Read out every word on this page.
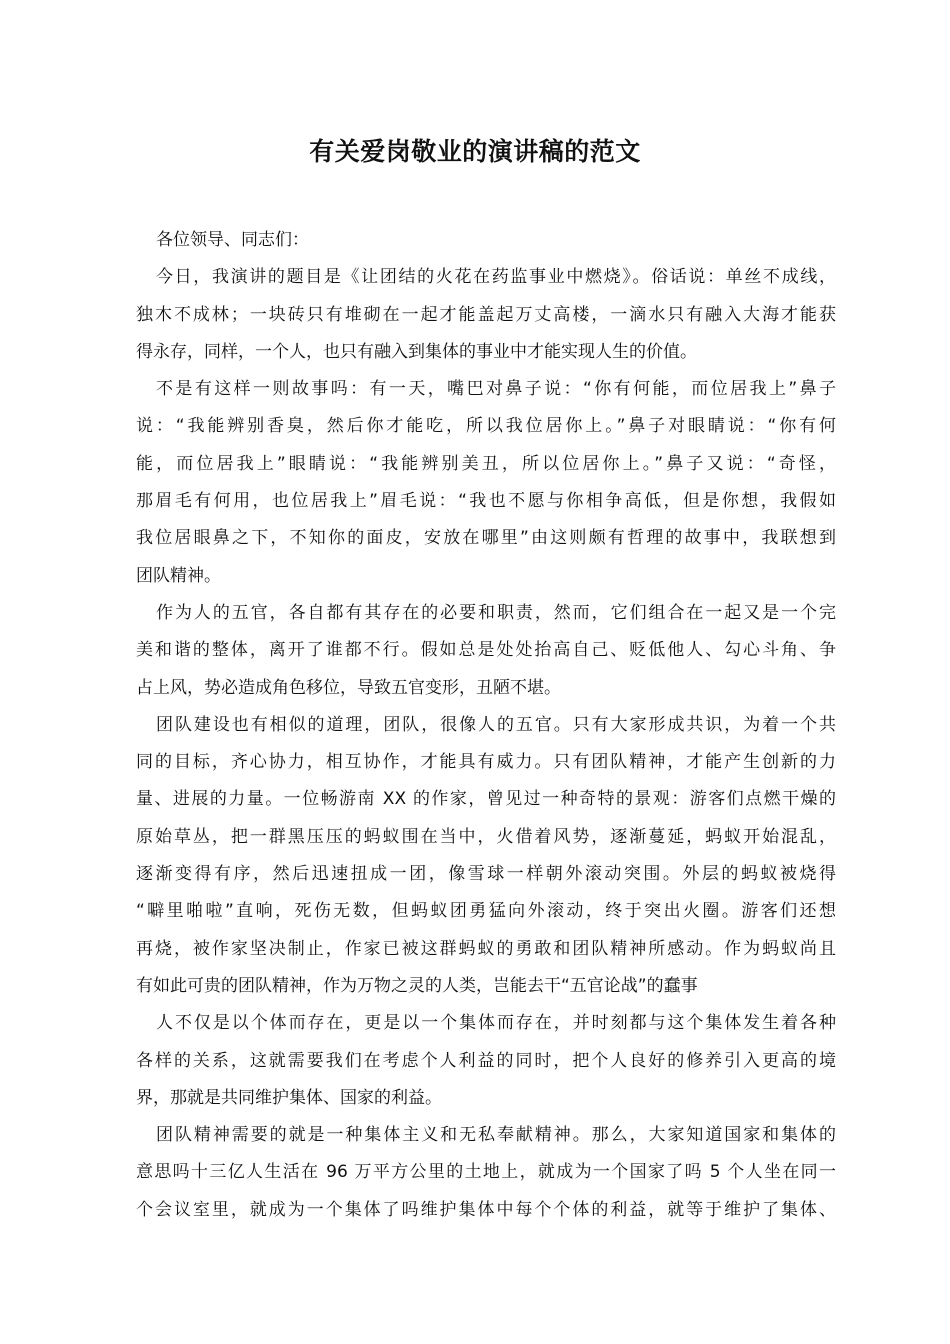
有关爱岗敬业的演讲稿的范文
各位领导、同志们：
今日，我演讲的题目是《让团结的火花在药监事业中燃烧》。俗话说：单丝不成线，
独木不成林；一块砖只有堆砌在一起才能盖起万丈高楼，一滴水只有融入大海才能获
得永存，同样，一个人，也只有融入到集体的事业中才能实现人生的价值。
不是有这样一则故事吗：有一天，嘴巴对鼻子说：“你有何能，而位居我上”鼻子
说：“我能辨别香臭，然后你才能吃，所以我位居你上。”鼻子对眼睛说：“你有何
能，而位居我上”眼睛说：“我能辨别美丑，所以位居你上。”鼻子又说：“奇怪，
那眉毛有何用，也位居我上”眉毛说：“我也不愿与你相争高低，但是你想，我假如
我位居眼鼻之下，不知你的面皮，安放在哪里”由这则颇有哲理的故事中，我联想到
团队精神。
作为人的五官，各自都有其存在的必要和职责，然而，它们组合在一起又是一个完
美和谐的整体，离开了谁都不行。假如总是处处抬高自己、贬低他人、勾心斗角、争
占上风，势必造成角色移位，导致五官变形，丑陋不堪。
团队建设也有相似的道理，团队，很像人的五官。只有大家形成共识，为着一个共
同的目标，齐心协力，相互协作，才能具有威力。只有团队精神，才能产生创新的力
量、进展的力量。一位畅游南 XX 的作家，曾见过一种奇特的景观：游客们点燃干燥的
原始草丛，把一群黑压压的蚂蚁围在当中，火借着风势，逐渐蔓延，蚂蚁开始混乱，
逐渐变得有序，然后迅速扭成一团，像雪球一样朝外滚动突围。外层的蚂蚁被烧得
“噼里啪啦”直响，死伤无数，但蚂蚁团勇猛向外滚动，终于突出火圈。游客们还想
再烧，被作家坚决制止，作家已被这群蚂蚁的勇敢和团队精神所感动。作为蚂蚁尚且
有如此可贵的团队精神，作为万物之灵的人类，岂能去干“五官论战”的蠢事
人不仅是以个体而存在，更是以一个集体而存在，并时刻都与这个集体发生着各种
各样的关系，这就需要我们在考虑个人利益的同时，把个人良好的修养引入更高的境
界，那就是共同维护集体、国家的利益。
团队精神需要的就是一种集体主义和无私奉献精神。那么，大家知道国家和集体的
意思吗十三亿人生活在 96 万平方公里的土地上，就成为一个国家了吗 5 个人坐在同一
个会议室里，就成为一个集体了吗维护集体中每个个体的利益，就等于维护了集体、
